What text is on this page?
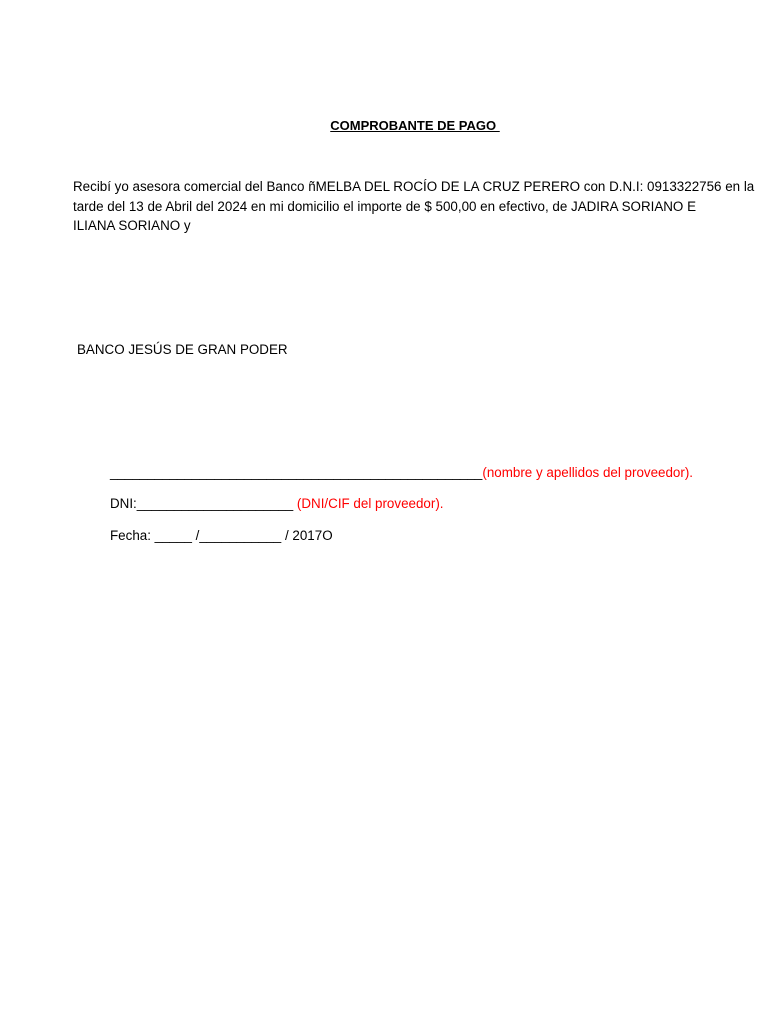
COMPROBANTE DE PAGO

Recibí yo asesora comercial del Banco ñMELBA DEL ROCÍO DE LA CRUZ PERERO con D.N.I: 0913322756 en la
tarde del 13 de Abril del 2024 en mi domicilio el importe de $ 500,00 en efectivo, de JADIRA SORIANO E
ILIANA SORIANO y

BANCO JESÚS DE GRAN PODER
__________________________________________________(nombre y apellidos del proveedor).
DNI:_____________________ (DNI/CIF del proveedor).
Fecha: _____ /___________ / 2017O
